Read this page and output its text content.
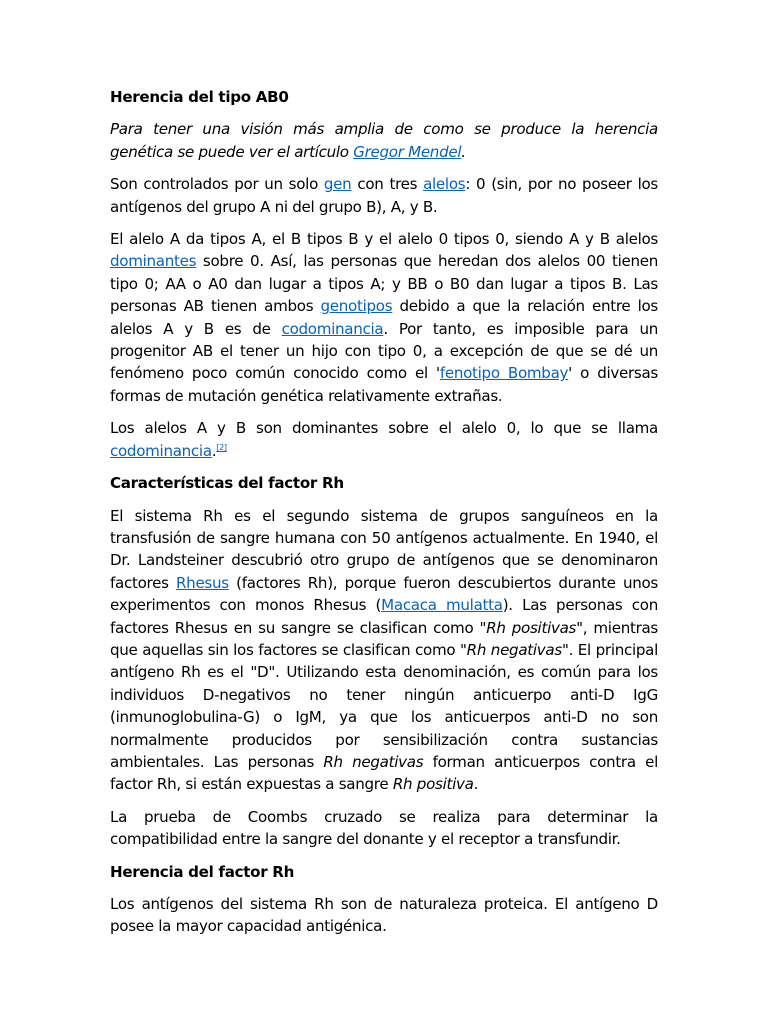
Herencia del tipo AB0

Para tener una visión más amplia de como se produce la herencia genética se puede ver el artículo Gregor Mendel.

Son controlados por un solo gen con tres alelos: 0 (sin, por no poseer los antígenos del grupo A ni del grupo B), A, y B.

El alelo A da tipos A, el B tipos B y el alelo 0 tipos 0, siendo A y B alelos dominantes sobre 0. Así, las personas que heredan dos alelos 00 tienen tipo 0; AA o A0 dan lugar a tipos A; y BB o B0 dan lugar a tipos B. Las personas AB tienen ambos genotipos debido a que la relación entre los alelos A y B es de codominancia. Por tanto, es imposible para un progenitor AB el tener un hijo con tipo 0, a excepción de que se dé un fenómeno poco común conocido como el 'fenotipo Bombay' o diversas formas de mutación genética relativamente extrañas.

Los alelos A y B son dominantes sobre el alelo 0, lo que se llama codominancia.[2]

Características del factor Rh

El sistema Rh es el segundo sistema de grupos sanguíneos en la transfusión de sangre humana con 50 antígenos actualmente. En 1940, el Dr. Landsteiner descubrió otro grupo de antígenos que se denominaron factores Rhesus (factores Rh), porque fueron descubiertos durante unos experimentos con monos Rhesus (Macaca mulatta). Las personas con factores Rhesus en su sangre se clasifican como "Rh positivas", mientras que aquellas sin los factores se clasifican como "Rh negativas". El principal antígeno Rh es el "D". Utilizando esta denominación, es común para los individuos D-negativos no tener ningún anticuerpo anti-D IgG (inmunoglobulina-G) o IgM, ya que los anticuerpos anti-D no son normalmente producidos por sensibilización contra sustancias ambientales. Las personas Rh negativas forman anticuerpos contra el factor Rh, si están expuestas a sangre Rh positiva.

La prueba de Coombs cruzado se realiza para determinar la compatibilidad entre la sangre del donante y el receptor a transfundir.

Herencia del factor Rh

Los antígenos del sistema Rh son de naturaleza proteica. El antígeno D posee la mayor capacidad antigénica.
